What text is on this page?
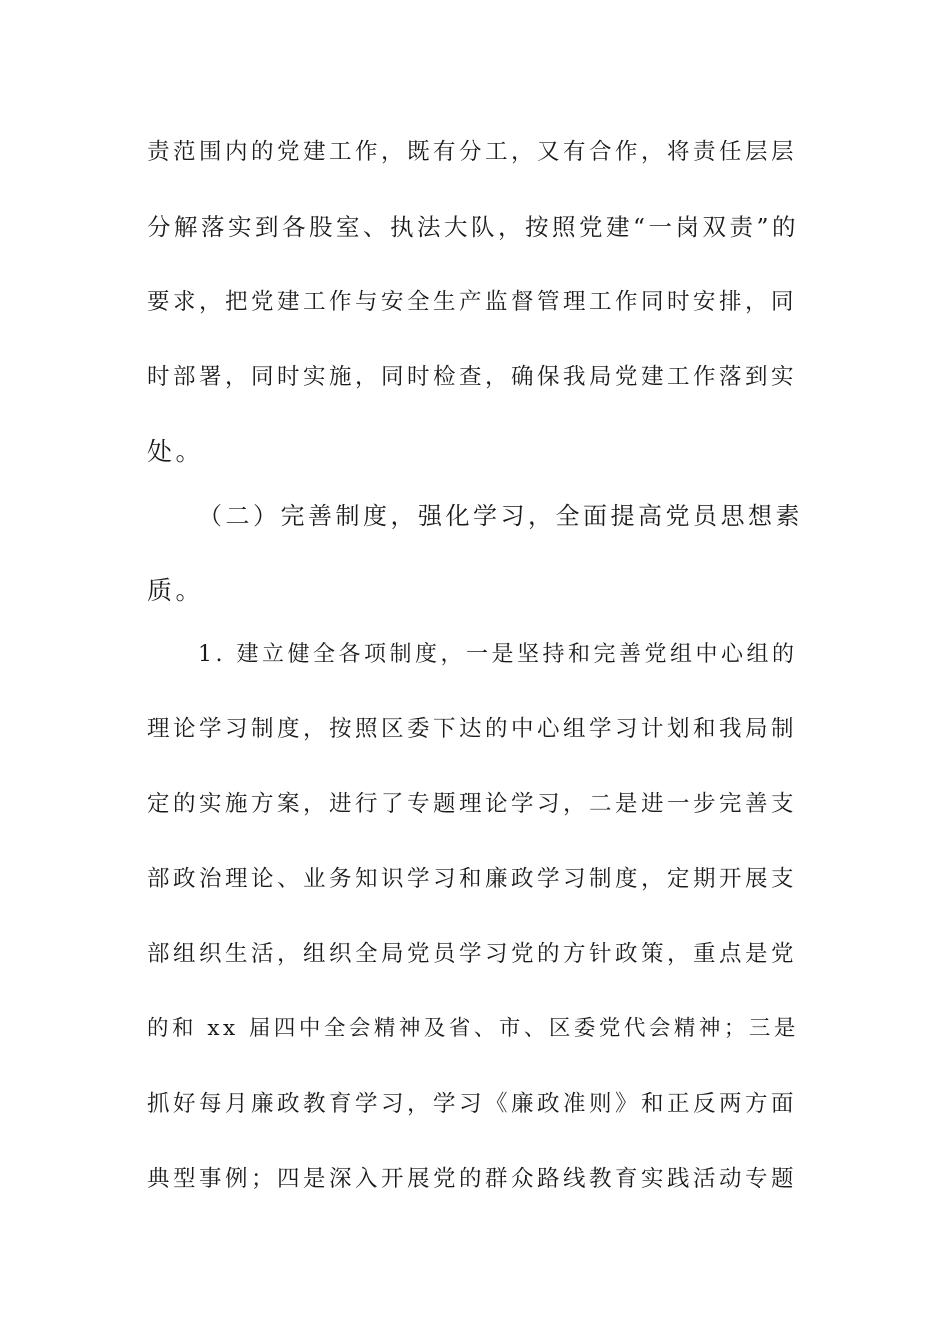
责范围内的党建工作，既有分工，又有合作，将责任层层

分解落实到各股室、执法大队，按照党建“一岗双责”的

要求，把党建工作与安全生产监督管理工作同时安排，同

时部署，同时实施，同时检查，确保我局党建工作落到实

处。

（二）完善制度，强化学习，全面提高党员思想素

质。

1. 建立健全各项制度，一是坚持和完善党组中心组的

理论学习制度，按照区委下达的中心组学习计划和我局制

定的实施方案，进行了专题理论学习，二是进一步完善支

部政治理论、业务知识学习和廉政学习制度，定期开展支

部组织生活，组织全局党员学习党的方针政策，重点是党

的和 xx 届四中全会精神及省、市、区委党代会精神；三是

抓好每月廉政教育学习，学习《廉政准则》和正反两方面

典型事例；四是深入开展党的群众路线教育实践活动专题
